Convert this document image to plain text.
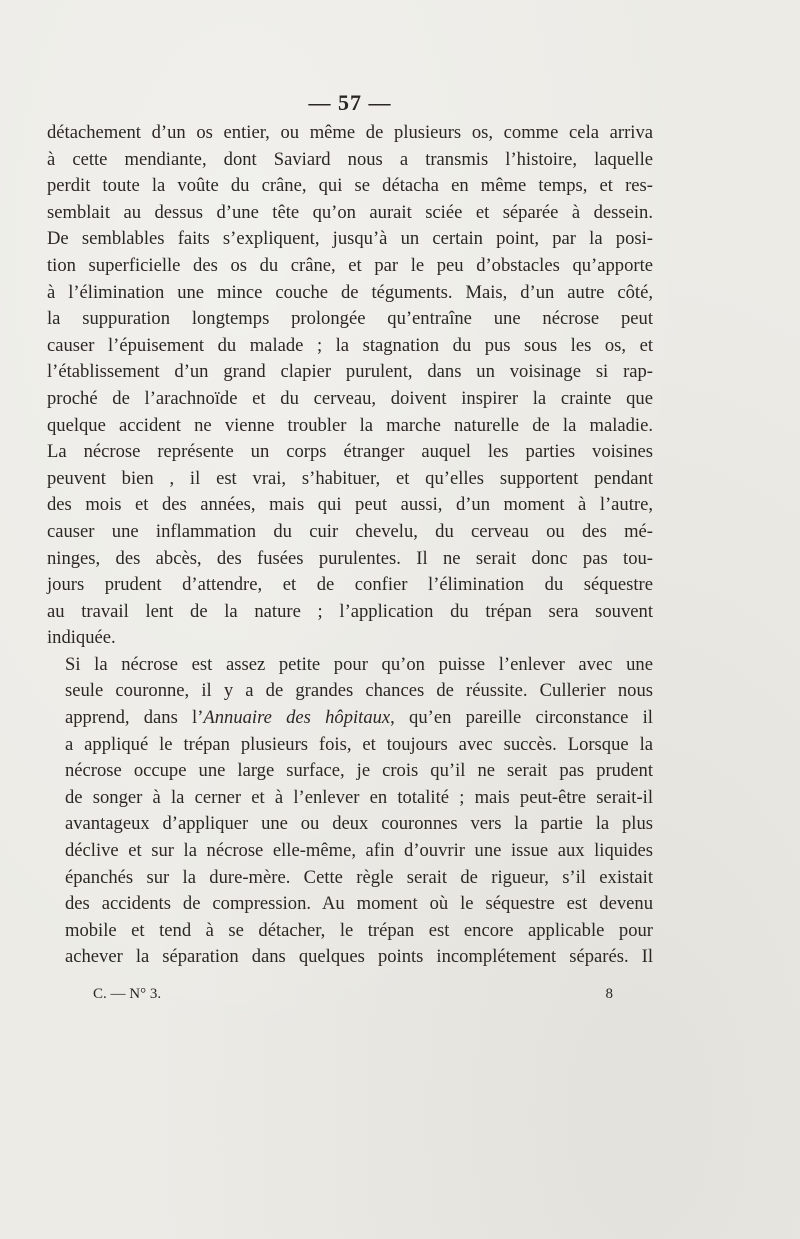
— 57 —

détachement d’un os entier, ou même de plusieurs os, comme cela arriva
à cette mendiante, dont Saviard nous a transmis l’histoire, laquelle
perdit toute la voûte du crâne, qui se détacha en même temps, et res-
semblait au dessus d’une tête qu’on aurait sciée et séparée à dessein.
De semblables faits s’expliquent, jusqu’à un certain point, par la posi-
tion superficielle des os du crâne, et par le peu d’obstacles qu’apporte
à l’élimination une mince couche de téguments. Mais, d’un autre côté,
la suppuration longtemps prolongée qu’entraîne une nécrose peut
causer l’épuisement du malade ; la stagnation du pus sous les os, et
l’établissement d’un grand clapier purulent, dans un voisinage si rap-
proché de l’arachnoïde et du cerveau, doivent inspirer la crainte que
quelque accident ne vienne troubler la marche naturelle de la maladie.
La nécrose représente un corps étranger auquel les parties voisines
peuvent bien , il est vrai, s’habituer, et qu’elles supportent pendant
des mois et des années, mais qui peut aussi, d’un moment à l’autre,
causer une inflammation du cuir chevelu, du cerveau ou des mé-
ninges, des abcès, des fusées purulentes. Il ne serait donc pas tou-
jours prudent d’attendre, et de confier l’élimination du séquestre
au travail lent de la nature ; l’application du trépan sera souvent
indiquée.

Si la nécrose est assez petite pour qu’on puisse l’enlever avec une
seule couronne, il y a de grandes chances de réussite. Cullerier nous
apprend, dans l’Annuaire des hôpitaux, qu’en pareille circonstance il
a appliqué le trépan plusieurs fois, et toujours avec succès. Lorsque la
nécrose occupe une large surface, je crois qu’il ne serait pas prudent
de songer à la cerner et à l’enlever en totalité ; mais peut-être serait-il
avantageux d’appliquer une ou deux couronnes vers la partie la plus
déclive et sur la nécrose elle-même, afin d’ouvrir une issue aux liquides
épanchés sur la dure-mère. Cette règle serait de rigueur, s’il existait
des accidents de compression. Au moment où le séquestre est devenu
mobile et tend à se détacher, le trépan est encore applicable pour
achever la séparation dans quelques points incomplétement séparés. Il

C. — N° 3.	8
